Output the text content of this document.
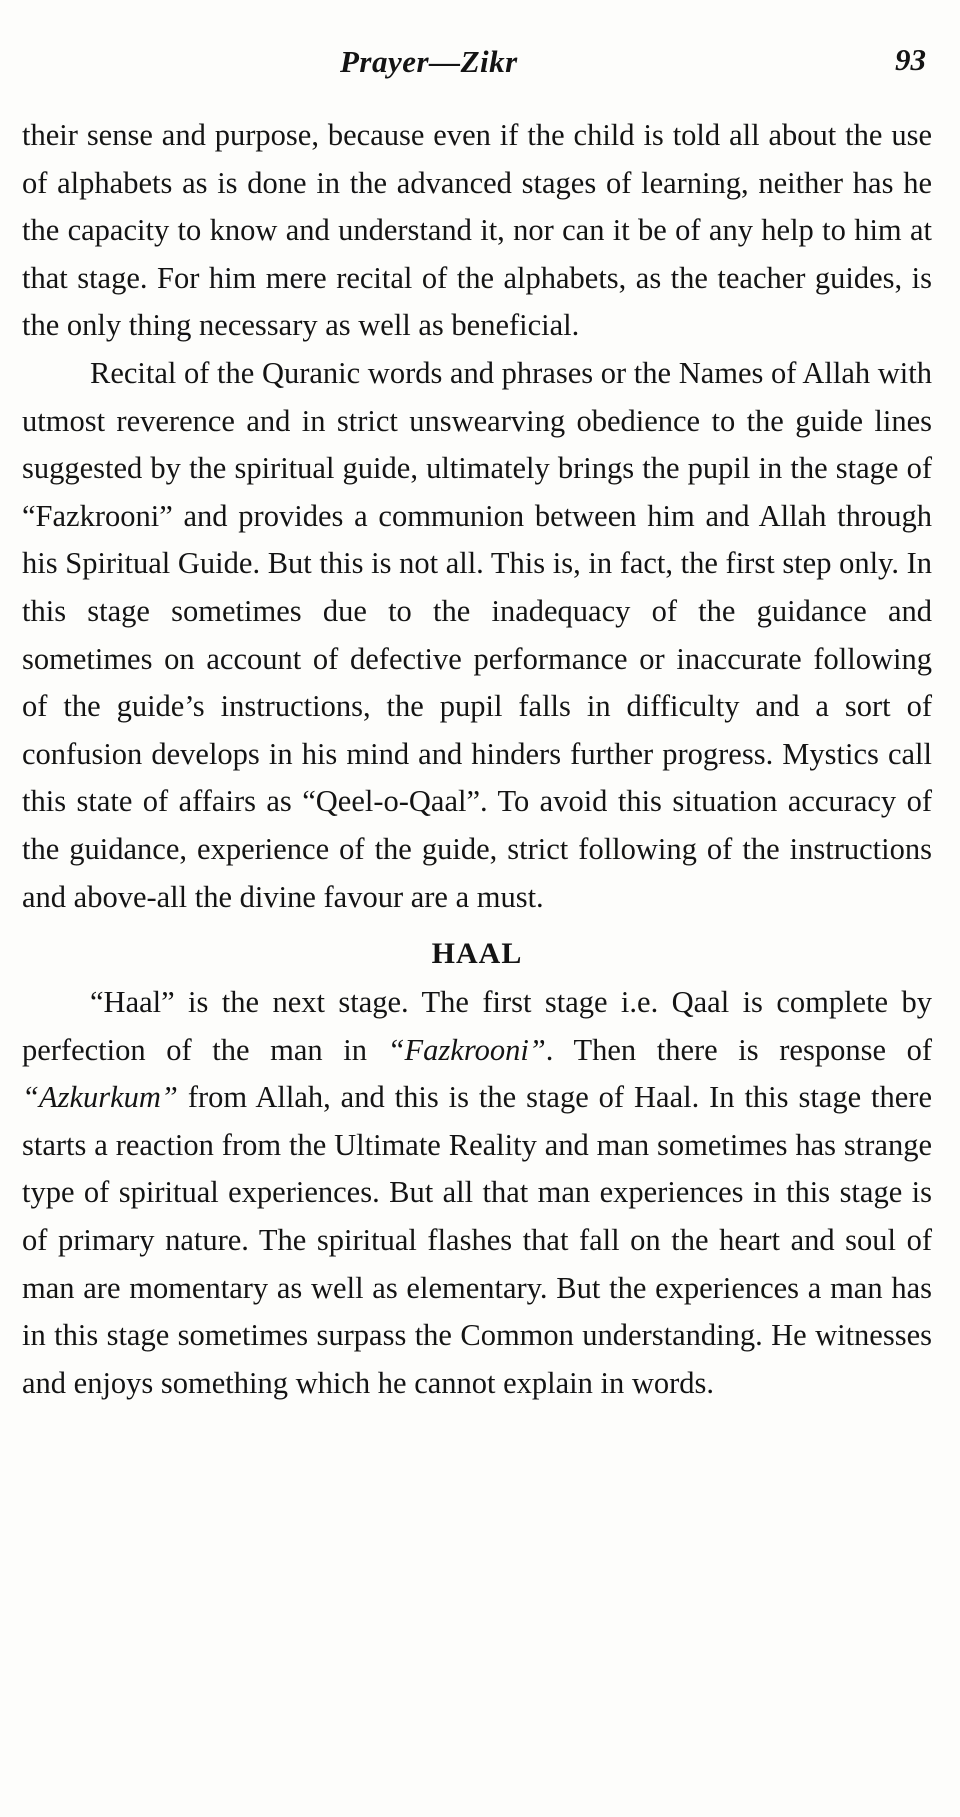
Prayer—Zikr	93

their sense and purpose, because even if the child is told all about the use of alphabets as is done in the advanced stages of learning, neither has he the capacity to know and understand it, nor can it be of any help to him at that stage. For him mere recital of the alphabets, as the teacher guides, is the only thing necessary as well as beneficial.

Recital of the Quranic words and phrases or the Names of Allah with utmost reverence and in strict unswearving obedience to the guide lines suggested by the spiritual guide, ultimately brings the pupil in the stage of “Fazkrooni” and provides a communion between him and Allah through his Spiritual Guide. But this is not all. This is, in fact, the first step only. In this stage sometimes due to the inadequacy of the guidance and sometimes on account of defective performance or inaccurate following of the guide’s instructions, the pupil falls in difficulty and a sort of confusion develops in his mind and hinders further progress. Mystics call this state of affairs as “Qeel-o-Qaal”. To avoid this situation accuracy of the guidance, experience of the guide, strict following of the instructions and above-all the divine favour are a must.

HAAL

“Haal” is the next stage. The first stage i.e. Qaal is complete by perfection of the man in “Fazkrooni”. Then there is response of “Azkurkum” from Allah, and this is the stage of Haal. In this stage there starts a reaction from the Ultimate Reality and man sometimes has strange type of spiritual experiences. But all that man experiences in this stage is of primary nature. The spiritual flashes that fall on the heart and soul of man are momentary as well as elementary. But the experiences a man has in this stage sometimes surpass the Common understanding. He witnesses and enjoys something which he cannot explain in words.
